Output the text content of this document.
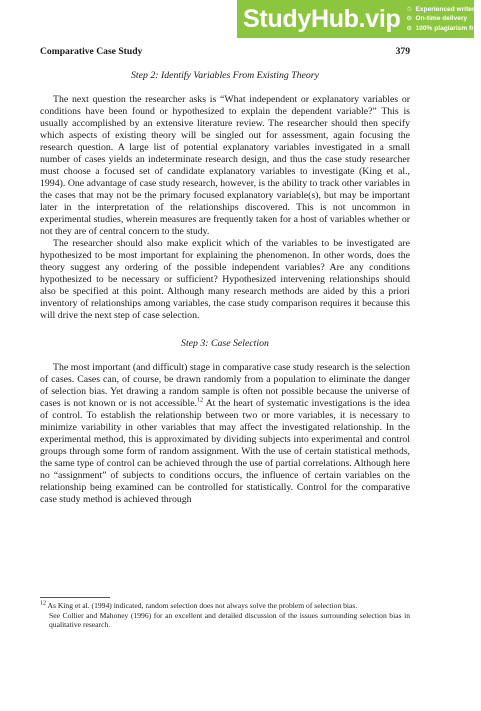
StudyHub.vip ✩ Experienced writers
⊙ On-time delivery
⊙ 100% plagiarism free
Comparative Case Study	379

Step 2: Identify Variables From Existing Theory

The next question the researcher asks is “What independent or explanatory variables or conditions have been found or hypothesized to explain the dependent variable?” This is usually accomplished by an extensive literature review. The researcher should then specify which aspects of existing theory will be singled out for assessment, again focusing the research question. A large list of potential explanatory variables investigated in a small number of cases yields an indeterminate research design, and thus the case study researcher must choose a focused set of candidate explanatory variables to investigate (King et al., 1994). One advantage of case study research, however, is the ability to track other variables in the cases that may not be the primary focused explanatory variable(s), but may be important later in the interpretation of the relationships discovered. This is not uncommon in experimental studies, wherein measures are frequently taken for a host of variables whether or not they are of central concern to the study.

The researcher should also make explicit which of the variables to be investigated are hypothesized to be most important for explaining the phenomenon. In other words, does the theory suggest any ordering of the possible independent variables? Are any conditions hypothesized to be necessary or sufficient? Hypothesized intervening relationships should also be specified at this point. Although many research methods are aided by this a priori inventory of relationships among variables, the case study comparison requires it because this will drive the next step of case selection.

Step 3: Case Selection

The most important (and difficult) stage in comparative case study research is the selection of cases. Cases can, of course, be drawn randomly from a population to eliminate the danger of selection bias. Yet drawing a random sample is often not possible because the universe of cases is not known or is not accessible.$^{12}$ At the heart of systematic investigations is the idea of control. To establish the relationship between two or more variables, it is necessary to minimize variability in other variables that may affect the investigated relationship. In the experimental method, this is approximated by dividing subjects into experimental and control groups through some form of random assignment. With the use of certain statistical methods, the same type of control can be achieved through the use of partial correlations. Although here no “assignment” of subjects to conditions occurs, the influence of certain variables on the relationship being examined can be controlled for statistically. Control for the comparative case study method is achieved through

$^{12}$ As King et al. (1994) indicated, random selection does not always solve the problem of selection bias.
See Collier and Mahoney (1996) for an excellent and detailed discussion of the issues surrounding selection bias in qualitative research.
